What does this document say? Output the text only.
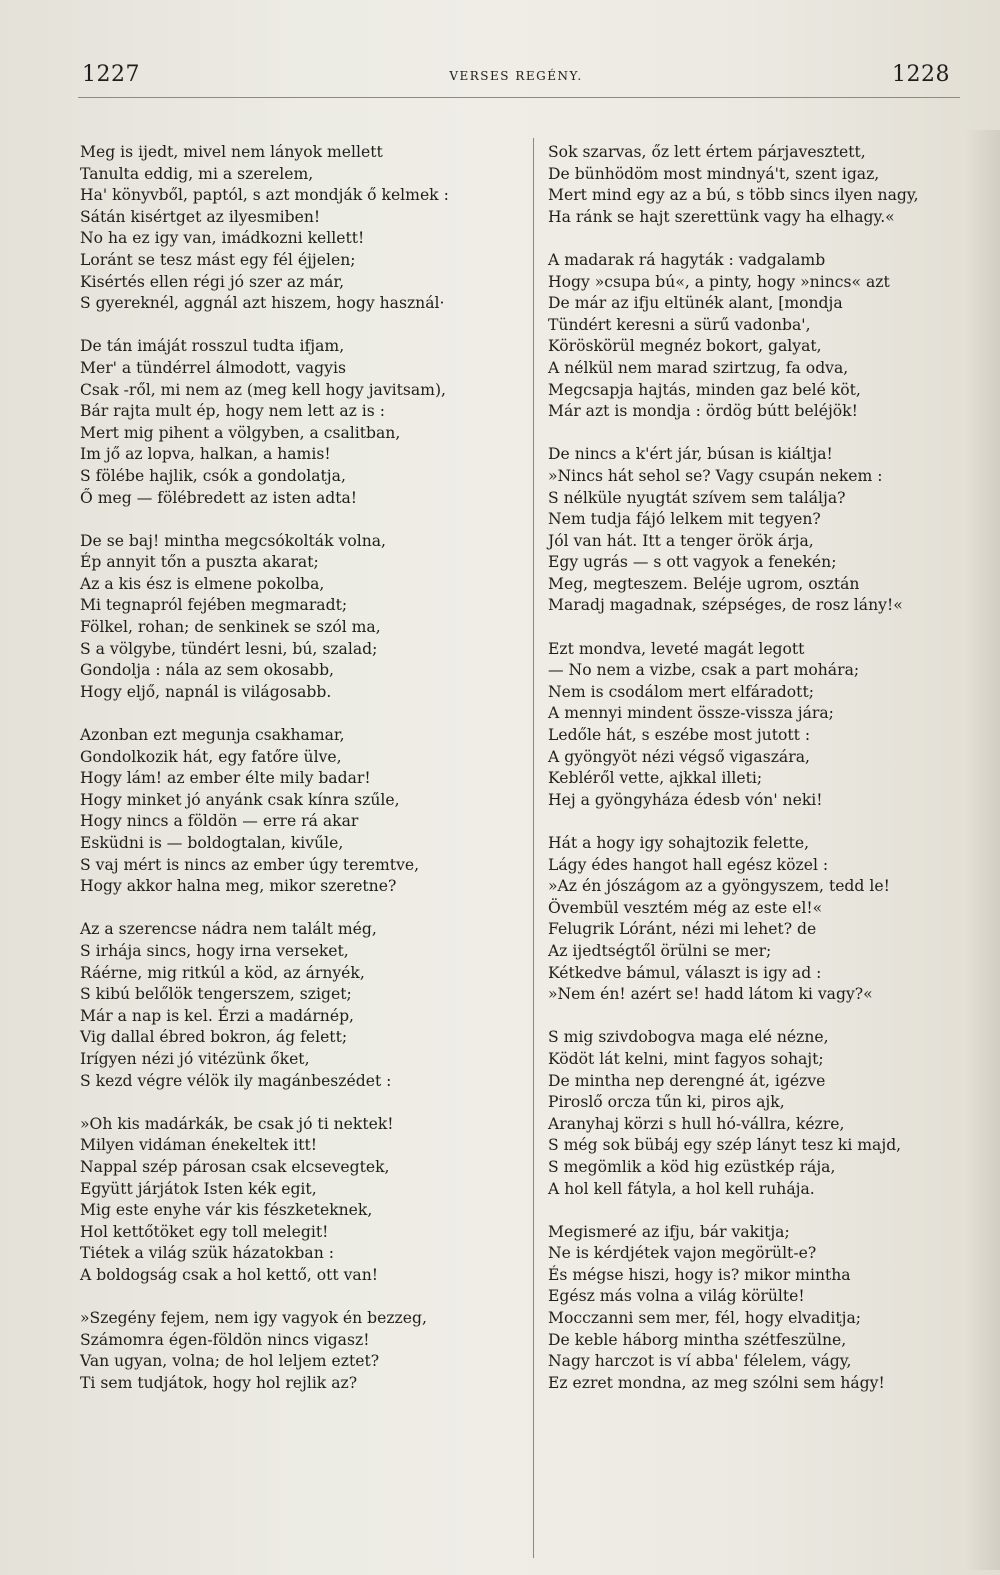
1227	VERSES REGÉNY.	1228
Meg is ijedt, mivel nem lányok mellett
Tanulta eddig, mi a szerelem,
Ha' könyvből, paptól, s azt mondják ő kelmek :
Sátán kisértget az ilyesmiben!
No ha ez igy van, imádkozni kellett!
Loránt se tesz mást egy fél éjjelen;
Kisértés ellen régi jó szer az már,
S gyereknél, aggnál azt hiszem, hogy használ·
De tán imáját rosszul tudta ifjam,
Mer' a tündérrel álmodott, vagyis
Csak -ről, mi nem az (meg kell hogy javitsam),
Bár rajta mult ép, hogy nem lett az is :
Mert mig pihent a völgyben, a csalitban,
Im jő az lopva, halkan, a hamis!
S fölébe hajlik, csók a gondolatja,
Ő meg — fölébredett az isten adta!
De se baj! mintha megcsókolták volna,
Ép annyit tőn a puszta akarat;
Az a kis ész is elmene pokolba,
Mi tegnapról fejében megmaradt;
Fölkel, rohan; de senkinek se szól ma,
S a völgybe, tündért lesni, bú, szalad;
Gondolja : nála az sem okosabb,
Hogy eljő, napnál is világosabb.
Azonban ezt megunja csakhamar,
Gondolkozik hát, egy fatőre ülve,
Hogy lám! az ember élte mily badar!
Hogy minket jó anyánk csak kínra szűle,
Hogy nincs a földön — erre rá akar
Esküdni is — boldogtalan, kivűle,
S vaj mért is nincs az ember úgy teremtve,
Hogy akkor halna meg, mikor szeretne?
Az a szerencse nádra nem talált még,
S irhája sincs, hogy irna verseket,
Ráérne, mig ritkúl a köd, az árnyék,
S kibú belőlök tengerszem, sziget;
Már a nap is kel. Érzi a madárnép,
Vig dallal ébred bokron, ág felett;
Irígyen nézi jó vitézünk őket,
S kezd végre vélök ily magánbeszédet :
»Oh kis madárkák, be csak jó ti nektek!
Milyen vidáman énekeltek itt!
Nappal szép párosan csak elcsevegtek,
Együtt járjátok Isten kék egit,
Mig este enyhe vár kis fészketeknek,
Hol kettőtöket egy toll melegit!
Tiétek a világ szük házatokban :
A boldogság csak a hol kettő, ott van!
»Szegény fejem, nem igy vagyok én bezzeg,
Számomra égen-földön nincs vigasz!
Van ugyan, volna; de hol leljem eztet?
Ti sem tudjátok, hogy hol rejlik az?
Sok szarvas, őz lett értem párjavesztett,
De bünhödöm most mindnyá't, szent igaz,
Mert mind egy az a bú, s több sincs ilyen nagy,
Ha ránk se hajt szerettünk vagy ha elhagy.«
A madarak rá hagyták : vadgalamb
Hogy »csupa bú«, a pinty, hogy »nincs« azt
De már az ifju eltünék alant, [mondja
Tündért keresni a sürű vadonba',
Köröskörül megnéz bokort, galyat,
A nélkül nem marad szirtzug, fa odva,
Megcsapja hajtás, minden gaz belé köt,
Már azt is mondja : ördög bútt beléjök!
De nincs a k'ért jár, búsan is kiáltja!
»Nincs hát sehol se? Vagy csupán nekem :
S nélküle nyugtát szívem sem találja?
Nem tudja fájó lelkem mit tegyen?
Jól van hát. Itt a tenger örök árja,
Egy ugrás — s ott vagyok a fenekén;
Meg, megteszem. Beléje ugrom, osztán
Maradj magadnak, szépséges, de rosz lány!«
Ezt mondva, leveté magát legott
— No nem a vizbe, csak a part mohára;
Nem is csodálom mert elfáradott;
A mennyi mindent össze-vissza jára;
Ledőle hát, s eszébe most jutott :
A gyöngyöt nézi végső vigaszára,
Kebléről vette, ajkkal illeti;
Hej a gyöngyháza édesb vón' neki!
Hát a hogy igy sohajtozik felette,
Lágy édes hangot hall egész közel :
»Az én jószágom az a gyöngyszem, tedd le!
Övembül vesztém még az este el!«
Felugrik Lóránt, nézi mi lehet? de
Az ijedtségtől örülni se mer;
Kétkedve bámul, választ is igy ad :
»Nem én! azért se! hadd látom ki vagy?«
S mig szivdobogva maga elé nézne,
Ködöt lát kelni, mint fagyos sohajt;
De mintha nep derengné át, igézve
Piroslő orcza tűn ki, piros ajk,
Aranyhaj körzi s hull hó-vállra, kézre,
S még sok bübáj egy szép lányt tesz ki majd,
S megömlik a köd hig ezüstkép rája,
A hol kell fátyla, a hol kell ruhája.
Megismeré az ifju, bár vakitja;
Ne is kérdjétek vajon megörült-e?
És mégse hiszi, hogy is? mikor mintha
Egész más volna a világ körülte!
Mocczanni sem mer, fél, hogy elvaditja;
De keble háborg mintha szétfeszülne,
Nagy harczot is ví abba' félelem, vágy,
Ez ezret mondna, az meg szólni sem hágy!
